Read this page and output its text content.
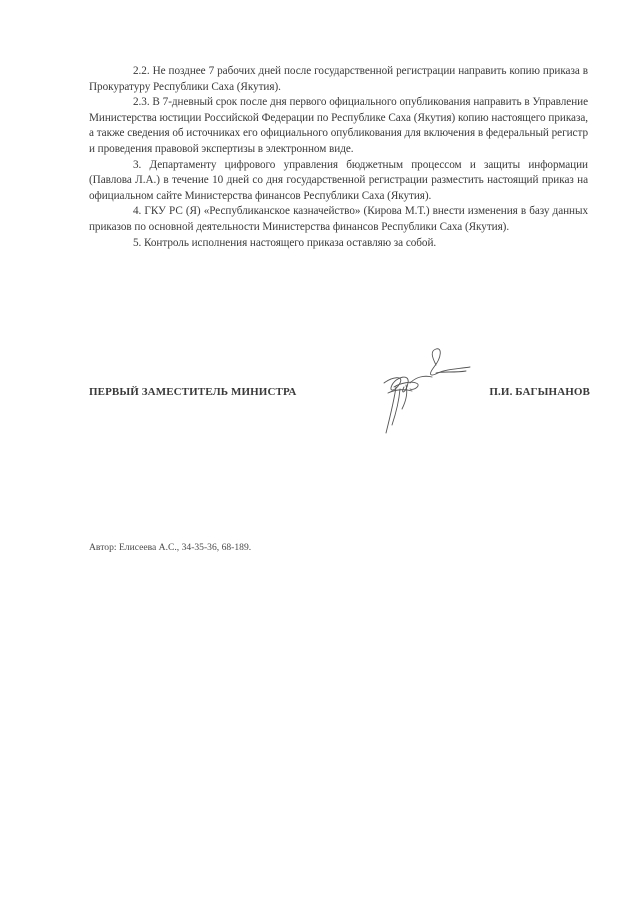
2.2. Не позднее 7 рабочих дней после государственной регистрации направить копию приказа в Прокуратуру Республики Саха (Якутия).

2.3. В 7-дневный срок после дня первого официального опубликования направить в Управление Министерства юстиции Российской Федерации по Республике Саха (Якутия) копию настоящего приказа, а также сведения об источниках его официального опубликования для включения в федеральный регистр и проведения правовой экспертизы в электронном виде.

3. Департаменту цифрового управления бюджетным процессом и защиты информации (Павлова Л.А.) в течение 10 дней со дня государственной регистрации разместить настоящий приказ на официальном сайте Министерства финансов Республики Саха (Якутия).

4. ГКУ РС (Я) «Республиканское казначейство» (Кирова М.Т.) внести изменения в базу данных приказов по основной деятельности Министерства финансов Республики Саха (Якутия).

5. Контроль исполнения настоящего приказа оставляю за собой.

ПЕРВЫЙ ЗАМЕСТИТЕЛЬ МИНИСТРА	П.И. БАГЫНАНОВ
Автор: Елисеева А.С., 34-35-36, 68-189.
